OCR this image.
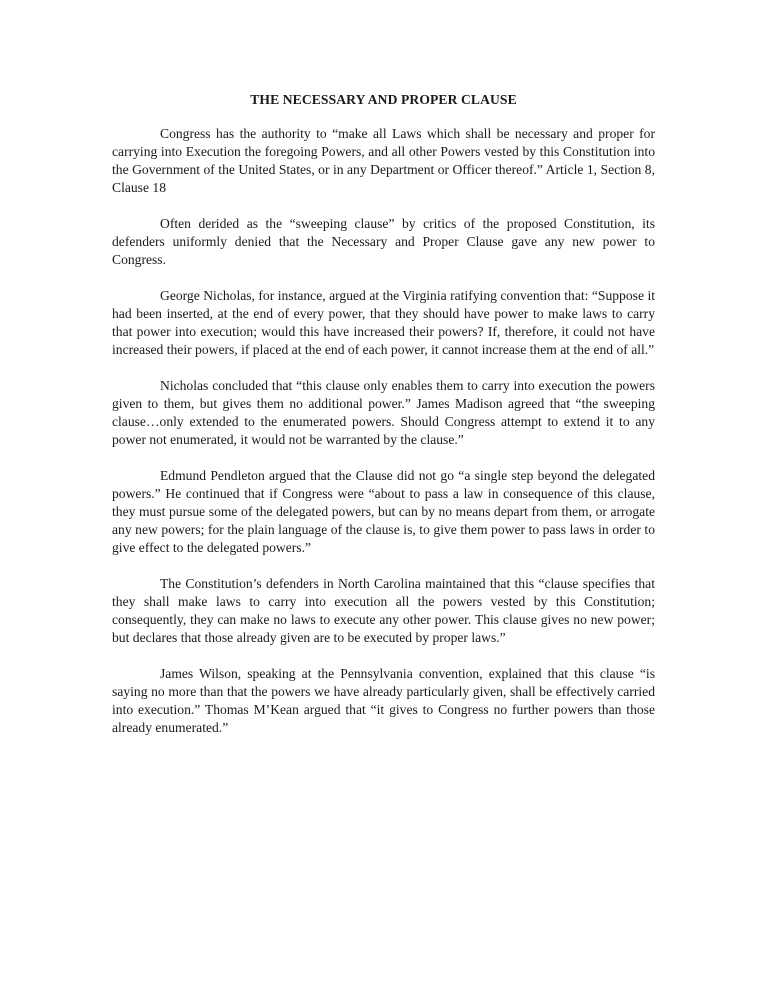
THE NECESSARY AND PROPER CLAUSE

Congress has the authority to “make all Laws which shall be necessary and proper for carrying into Execution the foregoing Powers, and all other Powers vested by this Constitution into the Government of the United States, or in any Department or Officer thereof.” Article 1, Section 8, Clause 18

Often derided as the “sweeping clause” by critics of the proposed Constitution, its defenders uniformly denied that the Necessary and Proper Clause gave any new power to Congress.

George Nicholas, for instance, argued at the Virginia ratifying convention that: “Suppose it had been inserted, at the end of every power, that they should have power to make laws to carry that power into execution; would this have increased their powers? If, therefore, it could not have increased their powers, if placed at the end of each power, it cannot increase them at the end of all.”

Nicholas concluded that “this clause only enables them to carry into execution the powers given to them, but gives them no additional power.” James Madison agreed that “the sweeping clause…only extended to the enumerated powers. Should Congress attempt to extend it to any power not enumerated, it would not be warranted by the clause.”

Edmund Pendleton argued that the Clause did not go “a single step beyond the delegated powers.” He continued that if Congress were “about to pass a law in consequence of this clause, they must pursue some of the delegated powers, but can by no means depart from them, or arrogate any new powers; for the plain language of the clause is, to give them power to pass laws in order to give effect to the delegated powers.”

The Constitution’s defenders in North Carolina maintained that this “clause specifies that they shall make laws to carry into execution all the powers vested by this Constitution; consequently, they can make no laws to execute any other power. This clause gives no new power; but declares that those already given are to be executed by proper laws.”

James Wilson, speaking at the Pennsylvania convention, explained that this clause “is saying no more than that the powers we have already particularly given, shall be effectively carried into execution.” Thomas M’Kean argued that “it gives to Congress no further powers than those already enumerated.”
